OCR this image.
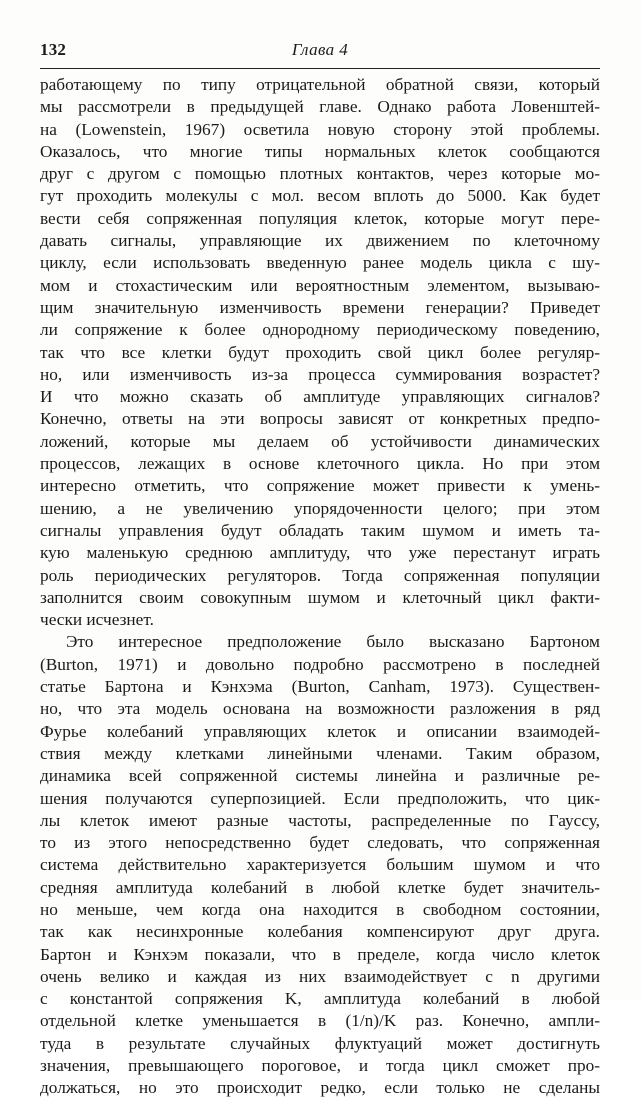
132	Глава 4
работающему по типу отрицательной обратной связи, который
мы рассмотрели в предыдущей главе. Однако работа Ловенштей-
на (Lowenstein, 1967) осветила новую сторону этой проблемы.
Оказалось, что многие типы нормальных клеток сообщаются
друг с другом с помощью плотных контактов, через которые мо-
гут проходить молекулы с мол. весом вплоть до 5000. Как будет
вести себя сопряженная популяция клеток, которые могут пере-
давать сигналы, управляющие их движением по клеточному
циклу, если использовать введенную ранее модель цикла с шу-
мом и стохастическим или вероятностным элементом, вызываю-
щим значительную изменчивость времени генерации? Приведет
ли сопряжение к более однородному периодическому поведению,
так что все клетки будут проходить свой цикл более регуляр-
но, или изменчивость из-за процесса суммирования возрастет?
И что можно сказать об амплитуде управляющих сигналов?
Конечно, ответы на эти вопросы зависят от конкретных предпо-
ложений, которые мы делаем об устойчивости динамических
процессов, лежащих в основе клеточного цикла. Но при этом
интересно отметить, что сопряжение может привести к умень-
шению, а не увеличению упорядоченности целого; при этом
сигналы управления будут обладать таким шумом и иметь та-
кую маленькую среднюю амплитуду, что уже перестанут играть
роль периодических регуляторов. Тогда сопряженная популяции
заполнится своим совокупным шумом и клеточный цикл факти-
чески исчезнет.
Это интересное предположение было высказано Бартоном
(Burton, 1971) и довольно подробно рассмотрено в последней
статье Бартона и Кэнхэма (Burton, Canham, 1973). Существен-
но, что эта модель основана на возможности разложения в ряд
Фурье колебаний управляющих клеток и описании взаимодей-
ствия между клетками линейными членами. Таким образом,
динамика всей сопряженной системы линейна и различные ре-
шения получаются суперпозицией. Если предположить, что цик-
лы клеток имеют разные частоты, распределенные по Гауссу,
то из этого непосредственно будет следовать, что сопряженная
система действительно характеризуется большим шумом и что
средняя амплитуда колебаний в любой клетке будет значитель-
но меньше, чем когда она находится в свободном состоянии,
так как несинхронные колебания компенсируют друг друга.
Бартон и Кэнхэм показали, что в пределе, когда число клеток
очень велико и каждая из них взаимодействует с n другими
с константой сопряжения K, амплитуда колебаний в любой
отдельной клетке уменьшается в (1/n)/K раз. Конечно, ампли-
туда в результате случайных флуктуаций может достигнуть
значения, превышающего пороговое, и тогда цикл сможет про-
должаться, но это происходит редко, если только не сделаны
